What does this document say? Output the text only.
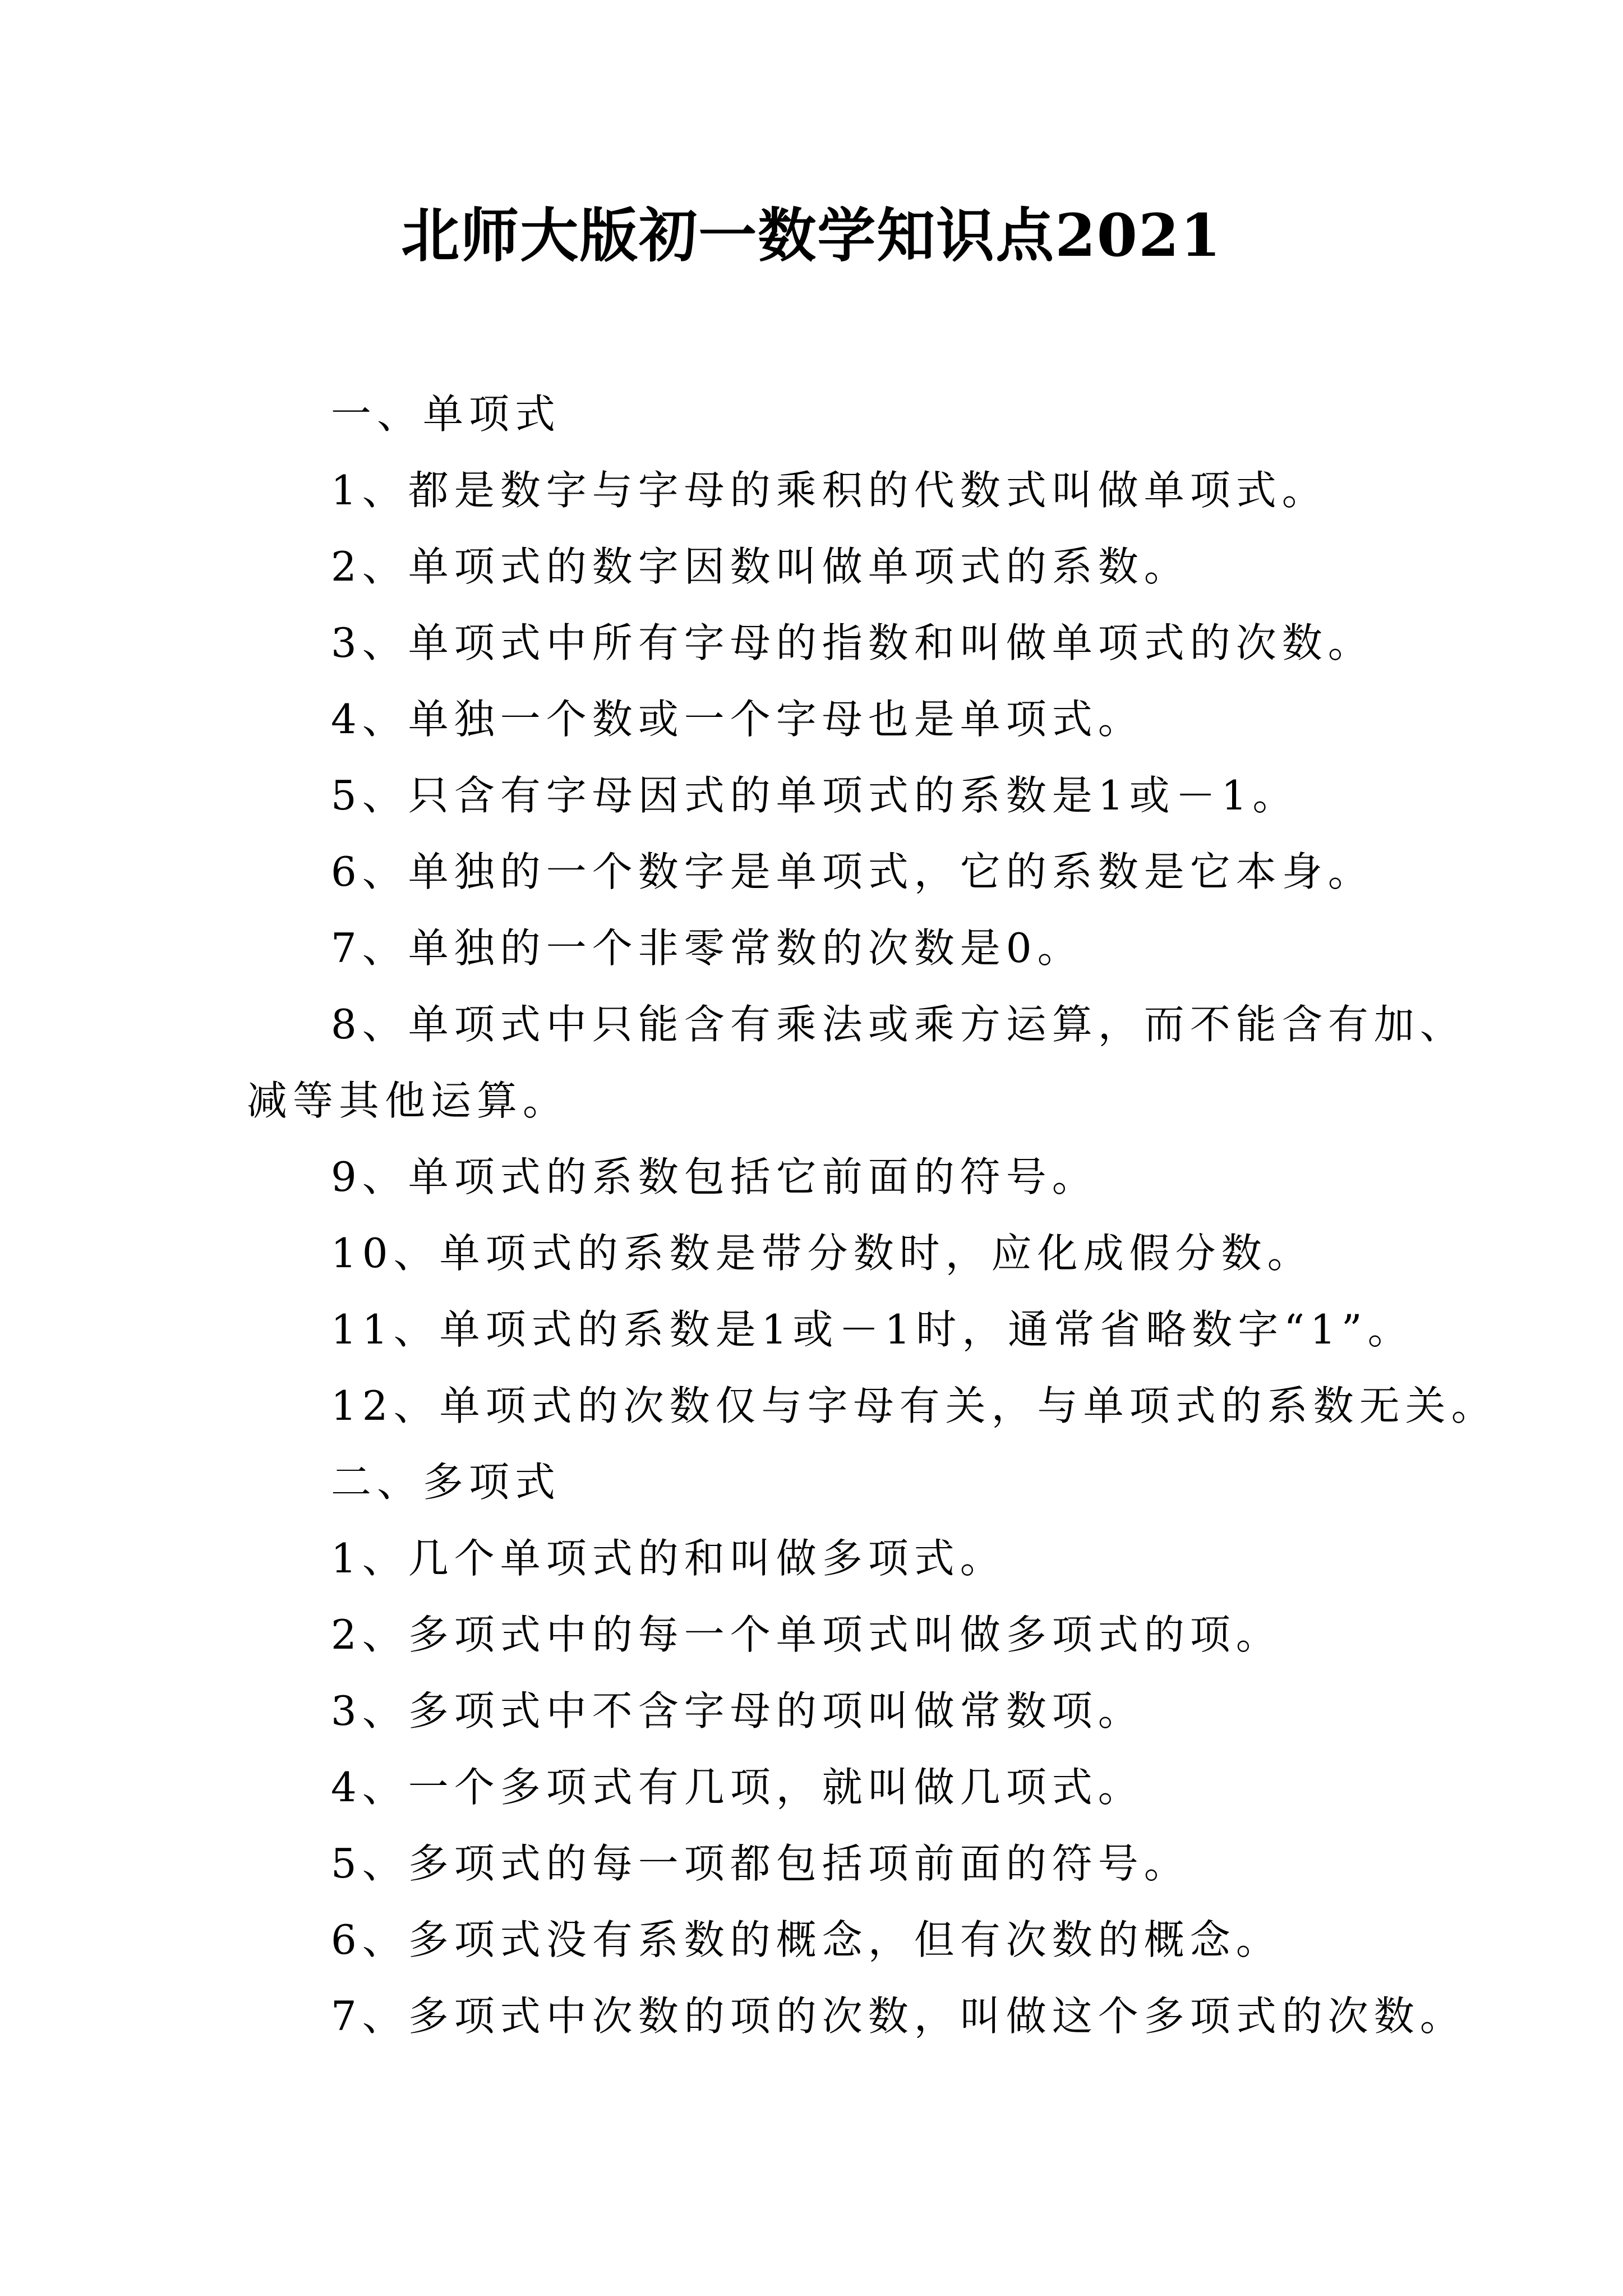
北师大版初一数学知识点2021
一、单项式
1、都是数字与字母的乘积的代数式叫做单项式。
2、单项式的数字因数叫做单项式的系数。
3、单项式中所有字母的指数和叫做单项式的次数。
4、单独一个数或一个字母也是单项式。
5、只含有字母因式的单项式的系数是1或－1。
6、单独的一个数字是单项式，它的系数是它本身。
7、单独的一个非零常数的次数是0。
8、单项式中只能含有乘法或乘方运算，而不能含有加、
减等其他运算。
9、单项式的系数包括它前面的符号。
10、单项式的系数是带分数时，应化成假分数。
11、单项式的系数是1或－1时，通常省略数字“1”。
12、单项式的次数仅与字母有关，与单项式的系数无关。
二、多项式
1、几个单项式的和叫做多项式。
2、多项式中的每一个单项式叫做多项式的项。
3、多项式中不含字母的项叫做常数项。
4、一个多项式有几项，就叫做几项式。
5、多项式的每一项都包括项前面的符号。
6、多项式没有系数的概念，但有次数的概念。
7、多项式中次数的项的次数，叫做这个多项式的次数。
